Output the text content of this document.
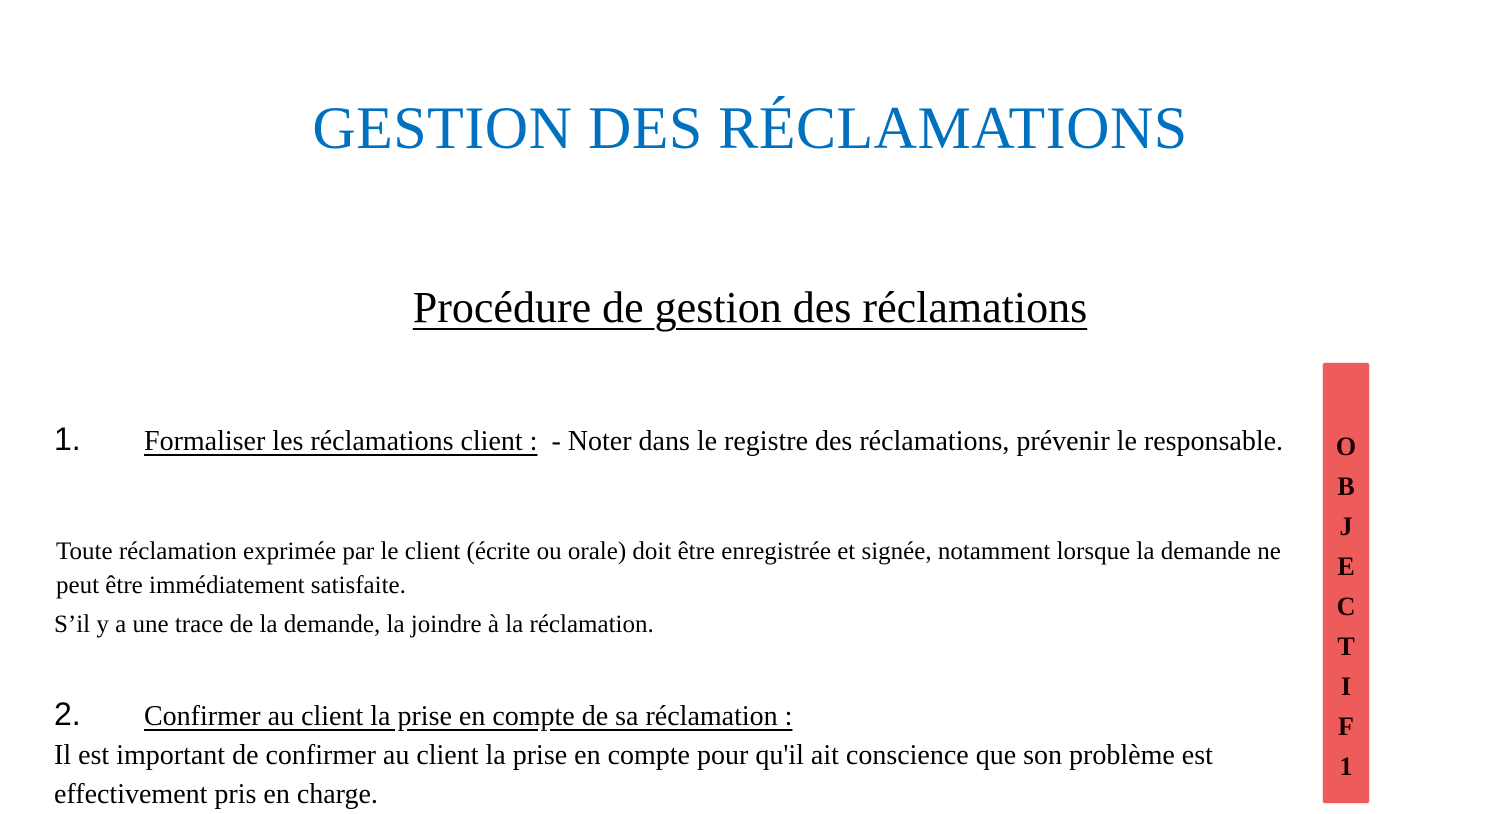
GESTION DES RÉCLAMATIONS
Procédure de gestion des réclamations

1. Formaliser les réclamations client :  - Noter dans le registre des réclamations, prévenir le responsable.

Toute réclamation exprimée par le client (écrite ou orale) doit être enregistrée et signée, notamment lorsque la demande ne peut être immédiatement satisfaite.

S’il y a une trace de la demande, la joindre à la réclamation.

2. Confirmer au client la prise en compte de sa réclamation :

Il est important de confirmer au client la prise en compte pour qu'il ait conscience que son problème est effectivement pris en charge.

O
B
J
E
C
T
I
F
1
